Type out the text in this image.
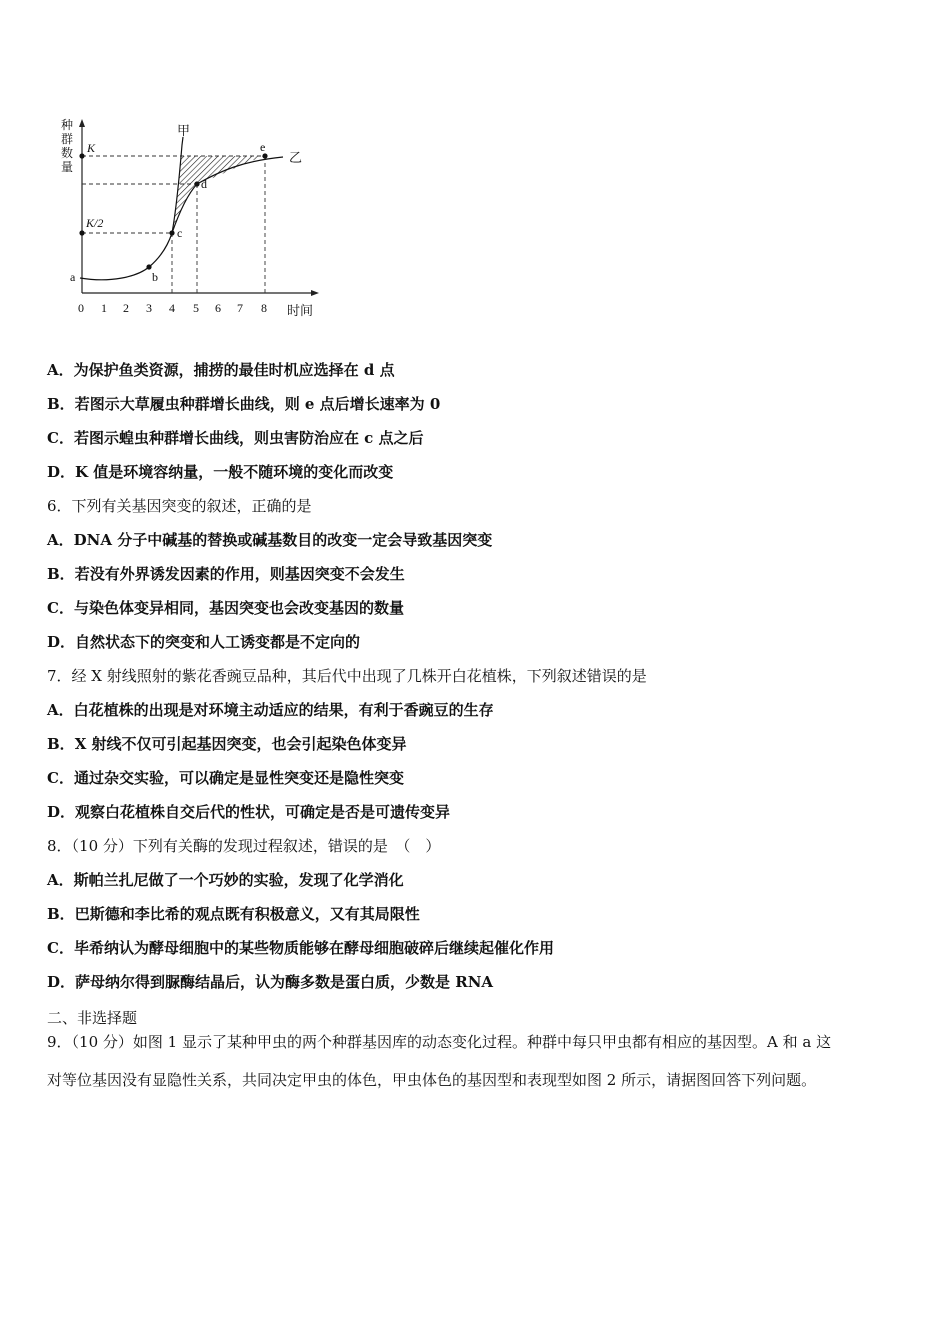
种
群
数
量
K
K/2
甲
乙
a	b
c
d
e
0 1 2 3 4 5 6 7 8 时间
A．为保护鱼类资源，捕捞的最佳时机应选择在 d 点
B．若图示大草履虫种群增长曲线，则 e 点后增长速率为 0
C．若图示蝗虫种群增长曲线，则虫害防治应在 c 点之后
D．K 值是环境容纳量，一般不随环境的变化而改变
6．下列有关基因突变的叙述，正确的是
A．DNA 分子中碱基的替换或碱基数目的改变一定会导致基因突变
B．若没有外界诱发因素的作用，则基因突变不会发生
C．与染色体变异相同，基因突变也会改变基因的数量
D．自然状态下的突变和人工诱变都是不定向的
7．经 X 射线照射的紫花香豌豆品种，其后代中出现了几株开白花植株，下列叙述错误的是
A．白花植株的出现是对环境主动适应的结果，有利于香豌豆的生存
B．X 射线不仅可引起基因突变，也会引起染色体变异
C．通过杂交实验，可以确定是显性突变还是隐性突变
D．观察白花植株自交后代的性状，可确定是否是可遗传变异
8．（10 分）下列有关酶的发现过程叙述，错误的是　（　）
A．斯帕兰扎尼做了一个巧妙的实验，发现了化学消化
B．巴斯德和李比希的观点既有积极意义，又有其局限性
C．毕希纳认为酵母细胞中的某些物质能够在酵母细胞破碎后继续起催化作用
D．萨母纳尔得到脲酶结晶后，认为酶多数是蛋白质，少数是 RNA
二、非选择题
9．（10 分）如图 1 显示了某种甲虫的两个种群基因库的动态变化过程。种群中每只甲虫都有相应的基因型。A 和 a 这
对等位基因没有显隐性关系，共同决定甲虫的体色，甲虫体色的基因型和表现型如图 2 所示，请据图回答下列问题。
